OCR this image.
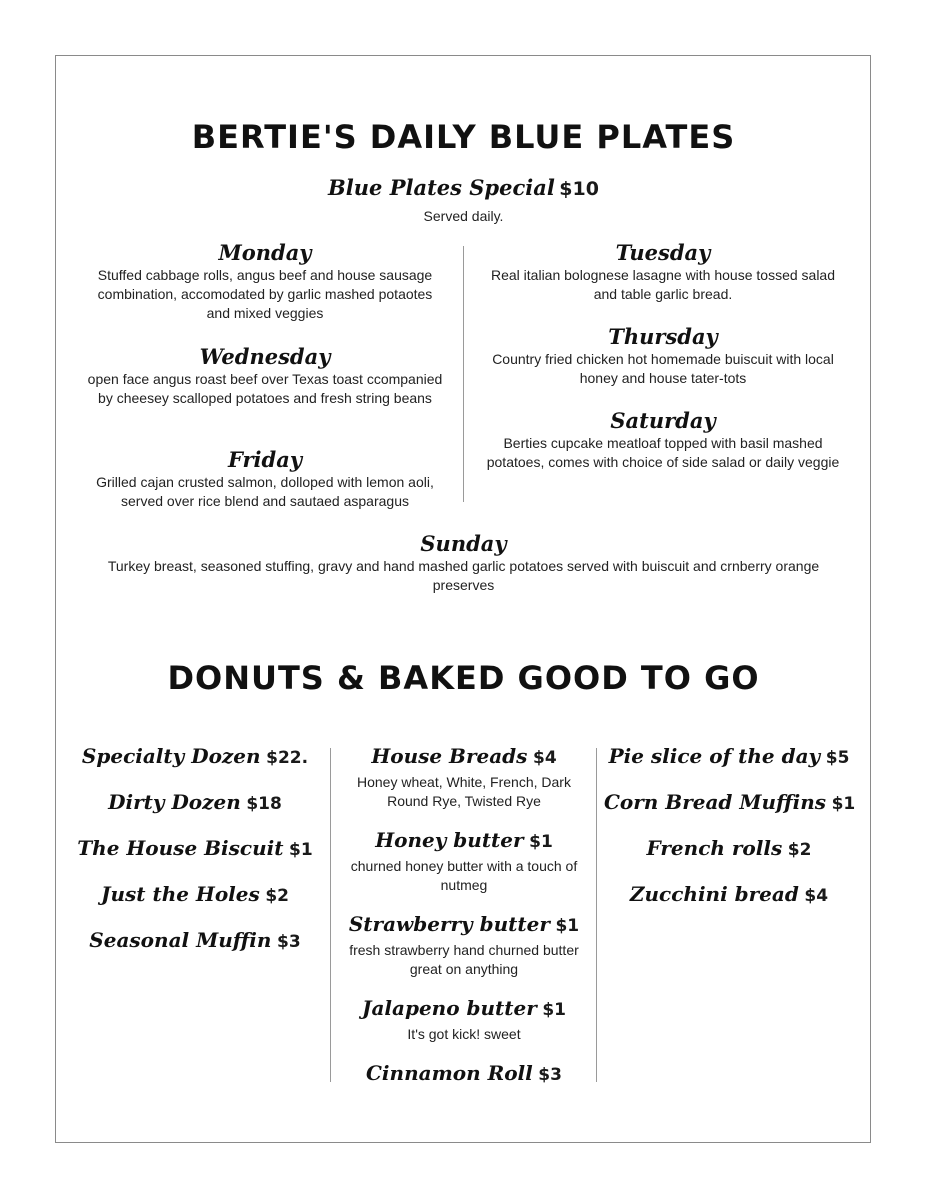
BERTIE'S DAILY BLUE PLATES
Blue Plates Special $10
Served daily.
Monday
Stuffed cabbage rolls, angus beef and house sausage combination, accomodated by garlic mashed potaotes and mixed veggies
Wednesday
open face angus roast beef over Texas toast ccompanied by cheesey scalloped potatoes and fresh string beans
Friday
Grilled cajan crusted salmon, dolloped with lemon aoli, served over rice blend and sautaed asparagus
Tuesday
Real italian bolognese lasagne with house tossed salad and table garlic bread.
Thursday
Country fried chicken hot homemade buiscuit with local honey and house tater-tots
Saturday
Berties cupcake meatloaf topped with basil mashed potatoes, comes with choice of side salad or daily veggie
Sunday
Turkey breast, seasoned stuffing, gravy and hand mashed garlic potatoes served with buiscuit and crnberry orange preserves
DONUTS & BAKED GOOD TO GO
Specialty Dozen $22.
Dirty Dozen $18
The House Biscuit $1
Just the Holes $2
Seasonal Muffin $3
House Breads $4
Honey wheat, White, French, Dark Round Rye, Twisted Rye
Honey butter $1
churned honey butter with a touch of nutmeg
Strawberry butter $1
fresh strawberry hand churned butter great on anything
Jalapeno butter $1
It's got kick! sweet
Cinnamon Roll $3
Pie slice of the day $5
Corn Bread Muffins $1
French rolls $2
Zucchini bread $4
